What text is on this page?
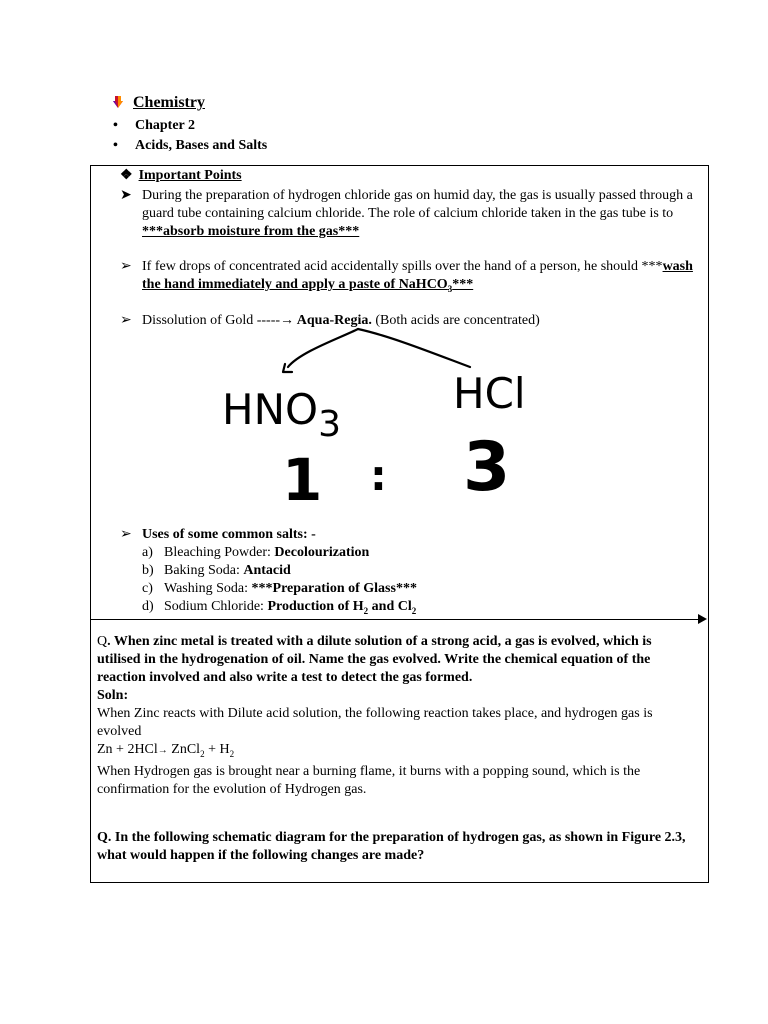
Chemistry
•	Chapter 2
•	Acids, Bases and Salts
❖ Important Points
➤ During the preparation of hydrogen chloride gas on humid day, the gas is usually passed through a guard tube containing calcium chloride. The role of calcium chloride taken in the gas tube is to ***absorb moisture from the gas***
➢ If few drops of concentrated acid accidentally spills over the hand of a person, he should ***wash the hand immediately and apply a paste of NaHCO$_3$***
➢ Dissolution of Gold -----→ Aqua-Regia. (Both acids are concentrated)
HNO3
HCl
1 : 3
➢ Uses of some common salts: -
a) Bleaching Powder: Decolourization
b) Baking Soda: Antacid
c) Washing Soda: ***Preparation of Glass***
d) Sodium Chloride: Production of $H_2$ and $Cl_2$
Q. When zinc metal is treated with a dilute solution of a strong acid, a gas is evolved, which is utilised in the hydrogenation of oil. Name the gas evolved. Write the chemical equation of the reaction involved and also write a test to detect the gas formed.
Soln:
When Zinc reacts with Dilute acid solution, the following reaction takes place, and hydrogen gas is evolved
Zn + 2HCl→ ZnCl$_2$ + $H_2$
When Hydrogen gas is brought near a burning flame, it burns with a popping sound, which is the confirmation for the evolution of Hydrogen gas.
Q. In the following schematic diagram for the preparation of hydrogen gas, as shown in Figure 2.3, what would happen if the following changes are made?
